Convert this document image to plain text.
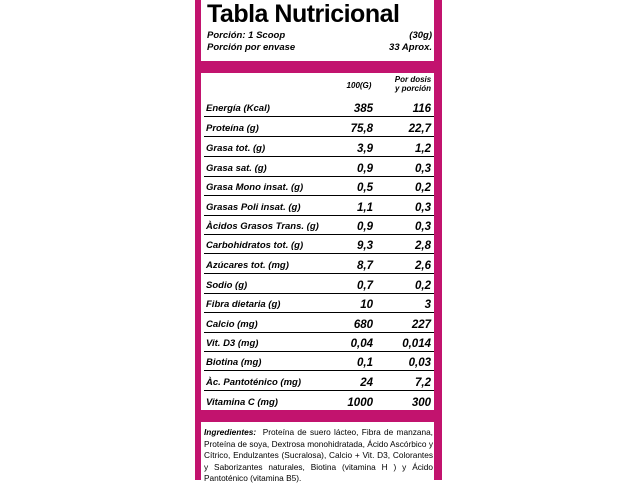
Tabla Nutricional
Porción: 1 Scoop	(30g)
Porción por envase	33 Aprox.
100(G)
Por dosis
y porción
Energía (Kcal)	385	116
Proteína (g)	75,8	22,7
Grasa tot. (g)	3,9	1,2
Grasa sat. (g)	0,9	0,3
Grasa Mono insat. (g)	0,5	0,2
Grasas Poli insat. (g)	1,1	0,3
Àcidos Grasos Trans. (g)	0,9	0,3
Carbohidratos tot. (g)	9,3	2,8
Azúcares tot. (mg)	8,7	2,6
Sodio (g)	0,7	0,2
Fibra dietaria (g)	10	3
Calcio (mg)	680	227
Vit. D3 (mg)	0,04	0,014
Biotina (mg)	0,1	0,03
Àc. Pantoténico (mg)	24	7,2
Vitamina C (mg)	1000	300
Ingredientes: Proteína de suero lácteo, Fibra de manzana, Proteína de soya, Dextrosa monohidratada, Ácido Ascórbico y Cítrico, Endulzantes (Sucralosa), Calcio + Vit. D3, Colorantes y Saborizantes naturales, Biotina (vitamina H ) y Ácido Pantoténico (vitamina B5).
